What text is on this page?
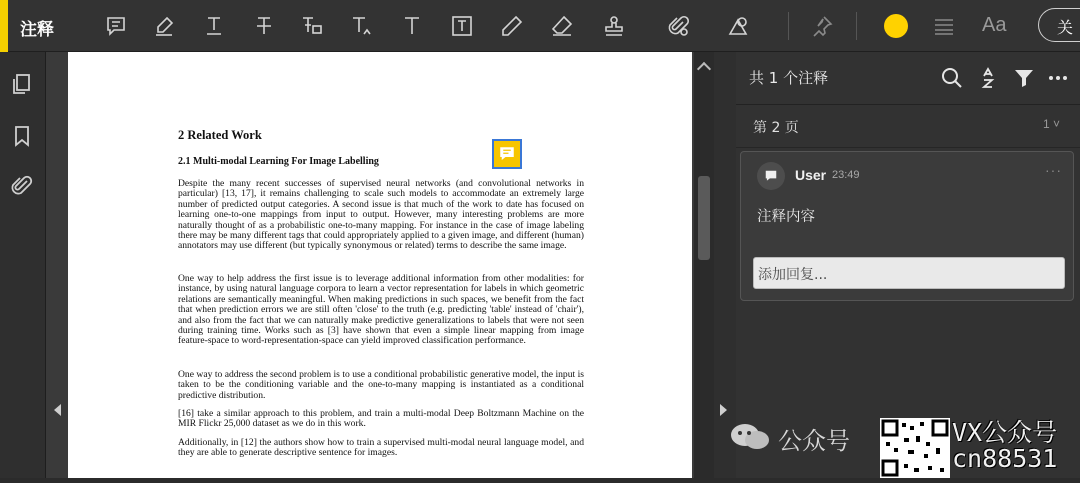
注释	Aa	关
2 Related Work
2.1 Multi-modal Learning For Image Labelling
Despite the many recent successes of supervised neural networks (and convolutional networks in particular) [13, 17], it remains challenging to scale such models to accommodate an extremely large number of predicted output categories. A second issue is that much of the work to date has focused on learning one-to-one mappings from input to output. However, many interesting problems are more naturally thought of as a probabilistic one-to-many mapping. For instance in the case of image labeling there may be many different tags that could appropriately applied to a given image, and different (human) annotators may use different (but typically synonymous or related) terms to describe the same image.
One way to help address the first issue is to leverage additional information from other modalities: for instance, by using natural language corpora to learn a vector representation for labels in which geometric relations are semantically meaningful. When making predictions in such spaces, we benefit from the fact that when prediction errors we are still often 'close' to the truth (e.g. predicting 'table' instead of 'chair'), and also from the fact that we can naturally make predictive generalizations to labels that were not seen during training time. Works such as [3] have shown that even a simple linear mapping from image feature-space to word-representation-space can yield improved classification performance.
One way to address the second problem is to use a conditional probabilistic generative model, the input is taken to be the conditioning variable and the one-to-many mapping is instantiated as a conditional predictive distribution.
[16] take a similar approach to this problem, and train a multi-modal Deep Boltzmann Machine on the MIR Flickr 25,000 dataset as we do in this work.
Additionally, in [12] the authors show how to train a supervised multi-modal neural language model, and they are able to generate descriptive sentence for images.
共 1 个注释
第 2 页	1 ˅
User 23:49	···
注释内容
添加回复...
公众号	VX公众号
cn88531
